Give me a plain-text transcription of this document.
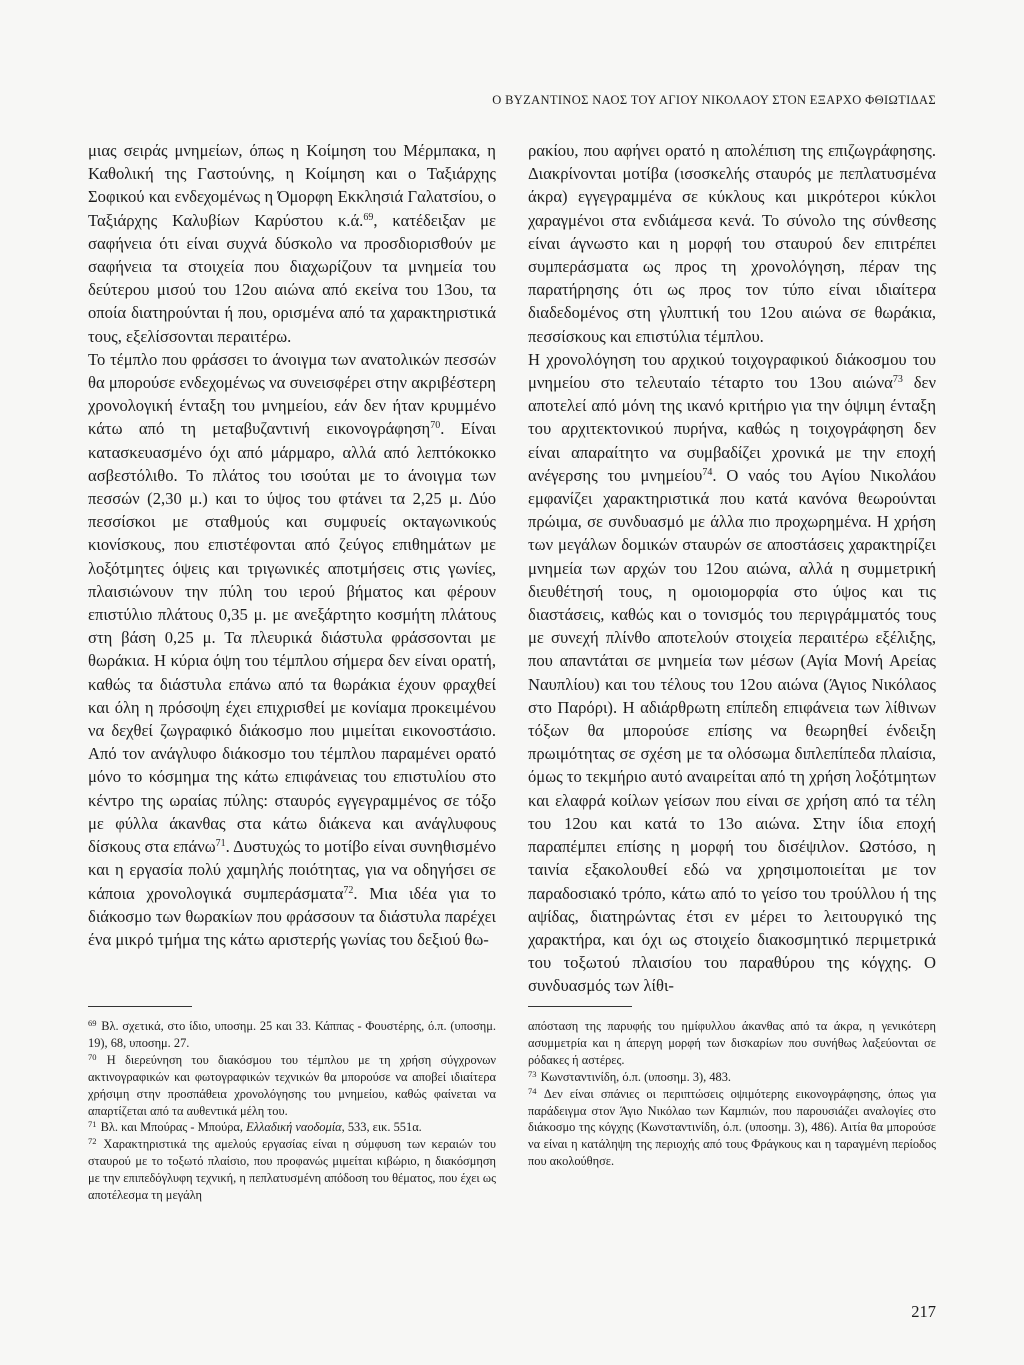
Ο ΒΥΖΑΝΤΙΝΟΣ ΝΑΟΣ ΤΟΥ ΑΓΙΟΥ ΝΙΚΟΛΑΟΥ ΣΤΟΝ ΕΞΑΡΧΟ ΦΘΙΩΤΙΔΑΣ

μιας σειράς μνημείων, όπως η Κοίμηση του Μέρμπακα, η Καθολική της Γαστούνης, η Κοίμηση και ο Ταξιάρχης Σοφικού και ενδεχομένως η Όμορφη Εκκλησιά Γαλατσίου, ο Ταξιάρχης Καλυβίων Καρύστου κ.ά.$^{69}$, κατέδειξαν με σαφήνεια ότι είναι συχνά δύσκολο να προσδιορισθούν με σαφήνεια τα στοιχεία που διαχωρίζουν τα μνημεία του δεύτερου μισού του 12ου αιώνα από εκείνα του 13ου, τα οποία διατηρούνται ή που, ορισμένα από τα χαρακτηριστικά τους, εξελίσσονται περαιτέρω.

Το τέμπλο που φράσσει το άνοιγμα των ανατολικών πεσσών θα μπορούσε ενδεχομένως να συνεισφέρει στην ακριβέστερη χρονολογική ένταξη του μνημείου, εάν δεν ήταν κρυμμένο κάτω από τη μεταβυζαντινή εικονογράφηση$^{70}$. Είναι κατασκευασμένο όχι από μάρμαρο, αλλά από λεπτόκοκκο ασβεστόλιθο. Το πλάτος του ισούται με το άνοιγμα των πεσσών (2,30 μ.) και το ύψος του φτάνει τα 2,25 μ. Δύο πεσσίσκοι με σταθμούς και συμφυείς οκταγωνικούς κιονίσκους, που επιστέφονται από ζεύγος επιθημάτων με λοξότμητες όψεις και τριγωνικές αποτμήσεις στις γωνίες, πλαισιώνουν την πύλη του ιερού βήματος και φέρουν επιστύλιο πλάτους 0,35 μ. με ανεξάρτητο κοσμήτη πλάτους στη βάση 0,25 μ. Τα πλευρικά διάστυλα φράσσονται με θωράκια. Η κύρια όψη του τέμπλου σήμερα δεν είναι ορατή, καθώς τα διάστυλα επάνω από τα θωράκια έχουν φραχθεί και όλη η πρόσοψη έχει επιχρισθεί με κονίαμα προκειμένου να δεχθεί ζωγραφικό διάκοσμο που μιμείται εικονοστάσιο. Από τον ανάγλυφο διάκοσμο του τέμπλου παραμένει ορατό μόνο το κόσμημα της κάτω επιφάνειας του επιστυλίου στο κέντρο της ωραίας πύλης: σταυρός εγγεγραμμένος σε τόξο με φύλλα άκανθας στα κάτω διάκενα και ανάγλυφους δίσκους στα επάνω$^{71}$. Δυστυχώς το μοτίβο είναι συνηθισμένο και η εργασία πολύ χαμηλής ποιότητας, για να οδηγήσει σε κάποια χρονολογικά συμπεράσματα$^{72}$. Μια ιδέα για το διάκοσμο των θωρακίων που φράσσουν τα διάστυλα παρέχει ένα μικρό τμήμα της κάτω αριστερής γωνίας του δεξιού θω-

ρακίου, που αφήνει ορατό η απολέπιση της επιζωγράφησης. Διακρίνονται μοτίβα (ισοσκελής σταυρός με πεπλατυσμένα άκρα) εγγεγραμμένα σε κύκλους και μικρότεροι κύκλοι χαραγμένοι στα ενδιάμεσα κενά. Το σύνολο της σύνθεσης είναι άγνωστο και η μορφή του σταυρού δεν επιτρέπει συμπεράσματα ως προς τη χρονολόγηση, πέραν της παρατήρησης ότι ως προς τον τύπο είναι ιδιαίτερα διαδεδομένος στη γλυπτική του 12ου αιώνα σε θωράκια, πεσσίσκους και επιστύλια τέμπλου.

Η χρονολόγηση του αρχικού τοιχογραφικού διάκοσμου του μνημείου στο τελευταίο τέταρτο του 13ου αιώνα$^{73}$ δεν αποτελεί από μόνη της ικανό κριτήριο για την όψιμη ένταξη του αρχιτεκτονικού πυρήνα, καθώς η τοιχογράφηση δεν είναι απαραίτητο να συμβαδίζει χρονικά με την εποχή ανέγερσης του μνημείου$^{74}$. Ο ναός του Αγίου Νικολάου εμφανίζει χαρακτηριστικά που κατά κανόνα θεωρούνται πρώιμα, σε συνδυασμό με άλλα πιο προχωρημένα. Η χρήση των μεγάλων δομικών σταυρών σε αποστάσεις χαρακτηρίζει μνημεία των αρχών του 12ου αιώνα, αλλά η συμμετρική διευθέτησή τους, η ομοιομορφία στο ύψος και τις διαστάσεις, καθώς και ο τονισμός του περιγράμματός τους με συνεχή πλίνθο αποτελούν στοιχεία περαιτέρω εξέλιξης, που απαντάται σε μνημεία των μέσων (Αγία Μονή Αρείας Ναυπλίου) και του τέλους του 12ου αιώνα (Άγιος Νικόλαος στο Παρόρι). Η αδιάρθρωτη επίπεδη επιφάνεια των λίθινων τόξων θα μπορούσε επίσης να θεωρηθεί ένδειξη πρωιμότητας σε σχέση με τα ολόσωμα διπλεπίπεδα πλαίσια, όμως το τεκμήριο αυτό αναιρείται από τη χρήση λοξότμητων και ελαφρά κοίλων γείσων που είναι σε χρήση από τα τέλη του 12ου και κατά το 13ο αιώνα. Στην ίδια εποχή παραπέμπει επίσης η μορφή του δισέψιλον. Ωστόσο, η ταινία εξακολουθεί εδώ να χρησιμοποιείται με τον παραδοσιακό τρόπο, κάτω από το γείσο του τρούλλου ή της αψίδας, διατηρώντας έτσι εν μέρει το λειτουργικό της χαρακτήρα, και όχι ως στοιχείο διακοσμητικό περιμετρικά του τοξωτού πλαισίου του παραθύρου της κόγχης. Ο συνδυασμός των λίθι-

$^{69}$ Βλ. σχετικά, στο ίδιο, υποσημ. 25 και 33. Κάππας - Φουστέρης, ό.π. (υποσημ. 19), 68, υποσημ. 27.

$^{70}$ Η διερεύνηση του διακόσμου του τέμπλου με τη χρήση σύγχρονων ακτινογραφικών και φωτογραφικών τεχνικών θα μπορούσε να αποβεί ιδιαίτερα χρήσιμη στην προσπάθεια χρονολόγησης του μνημείου, καθώς φαίνεται να απαρτίζεται από τα αυθεντικά μέλη του.

$^{71}$ Βλ. και Μπούρας - Μπούρα, Ελλαδική ναοδομία, 533, εικ. 551α.

$^{72}$ Χαρακτηριστικά της αμελούς εργασίας είναι η σύμφυση των κεραιών του σταυρού με το τοξωτό πλαίσιο, που προφανώς μιμείται κιβώριο, η διακόσμηση με την επιπεδόγλυφη τεχνική, η πεπλατυσμένη απόδοση του θέματος, που έχει ως αποτέλεσμα τη μεγάλη

απόσταση της παρυφής του ημίφυλλου άκανθας από τα άκρα, η γενικότερη ασυμμετρία και η άπεργη μορφή των δισκαρίων που συνήθως λαξεύονται σε ρόδακες ή αστέρες.

$^{73}$ Κωνσταντινίδη, ό.π. (υποσημ. 3), 483.

$^{74}$ Δεν είναι σπάνιες οι περιπτώσεις οψιμότερης εικονογράφησης, όπως για παράδειγμα στον Άγιο Νικόλαο των Καμπιών, που παρουσιάζει αναλογίες στο διάκοσμο της κόγχης (Κωνσταντινίδη, ό.π. (υποσημ. 3), 486). Αιτία θα μπορούσε να είναι η κατάληψη της περιοχής από τους Φράγκους και η ταραγμένη περίοδος που ακολούθησε.

217
